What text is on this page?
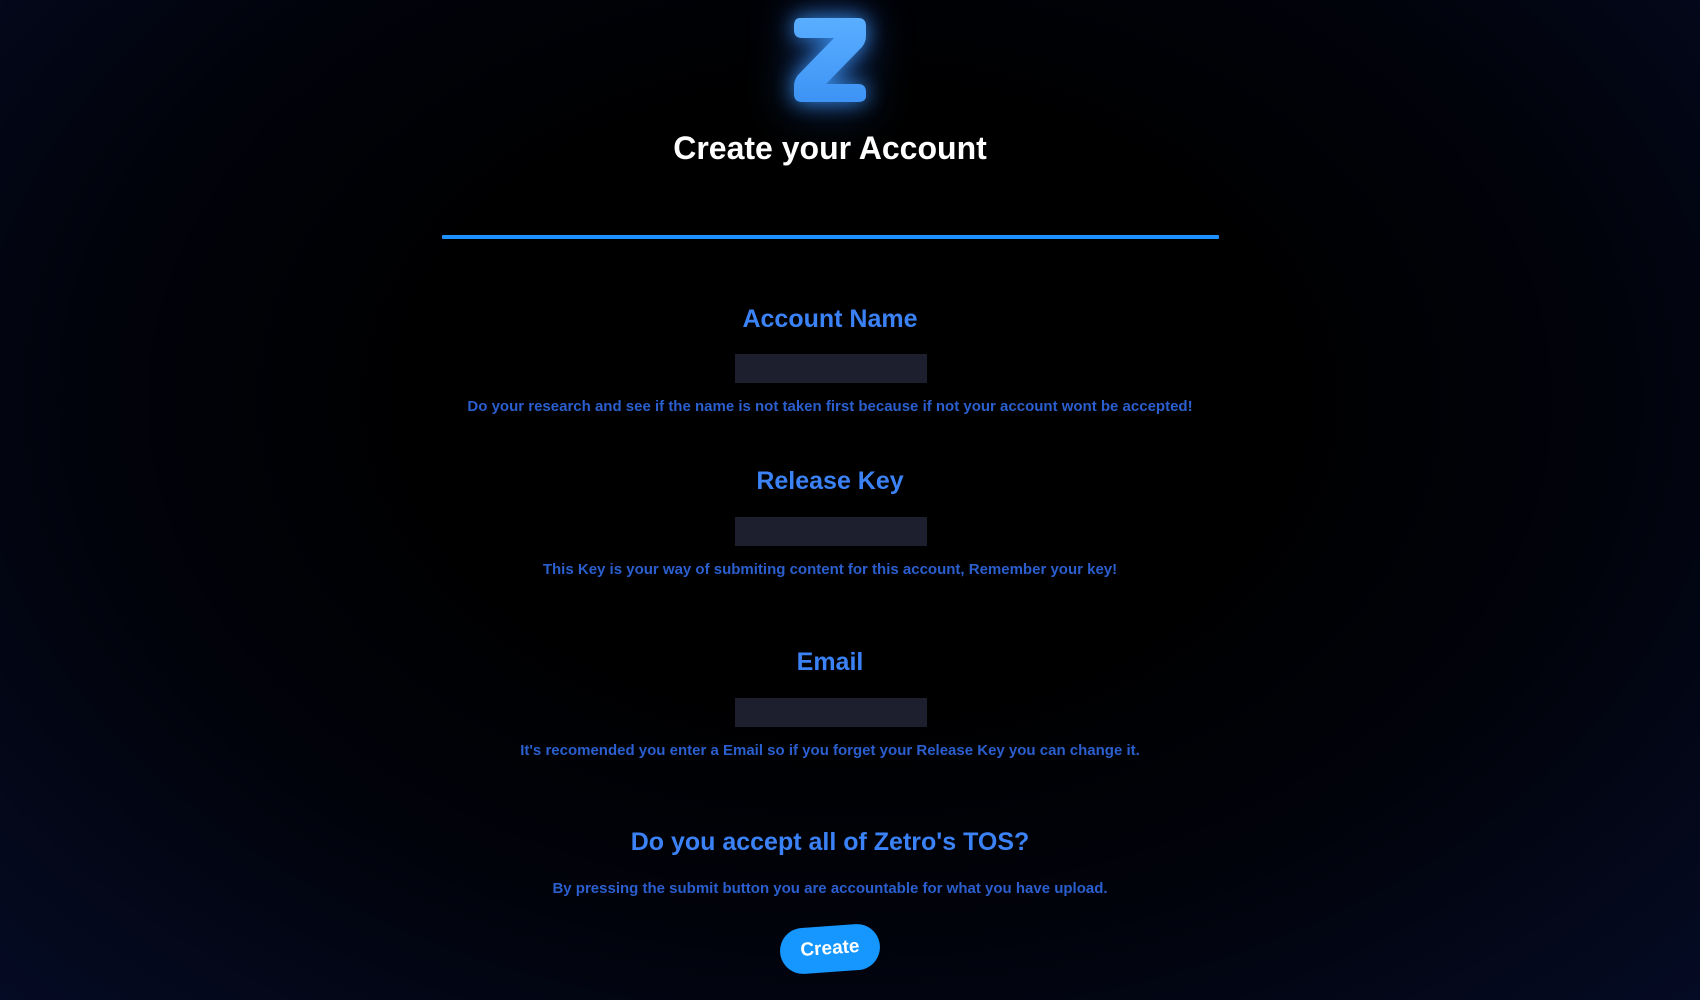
Create your Account
Account Name

Do your research and see if the name is not taken first because if not your account wont be accepted!

Release Key

This Key is your way of submiting content for this account, Remember your key!

Email

It's recomended you enter a Email so if you forget your Release Key you can change it.

Do you accept all of Zetro's TOS?

By pressing the submit button you are accountable for what you have upload.

Create
